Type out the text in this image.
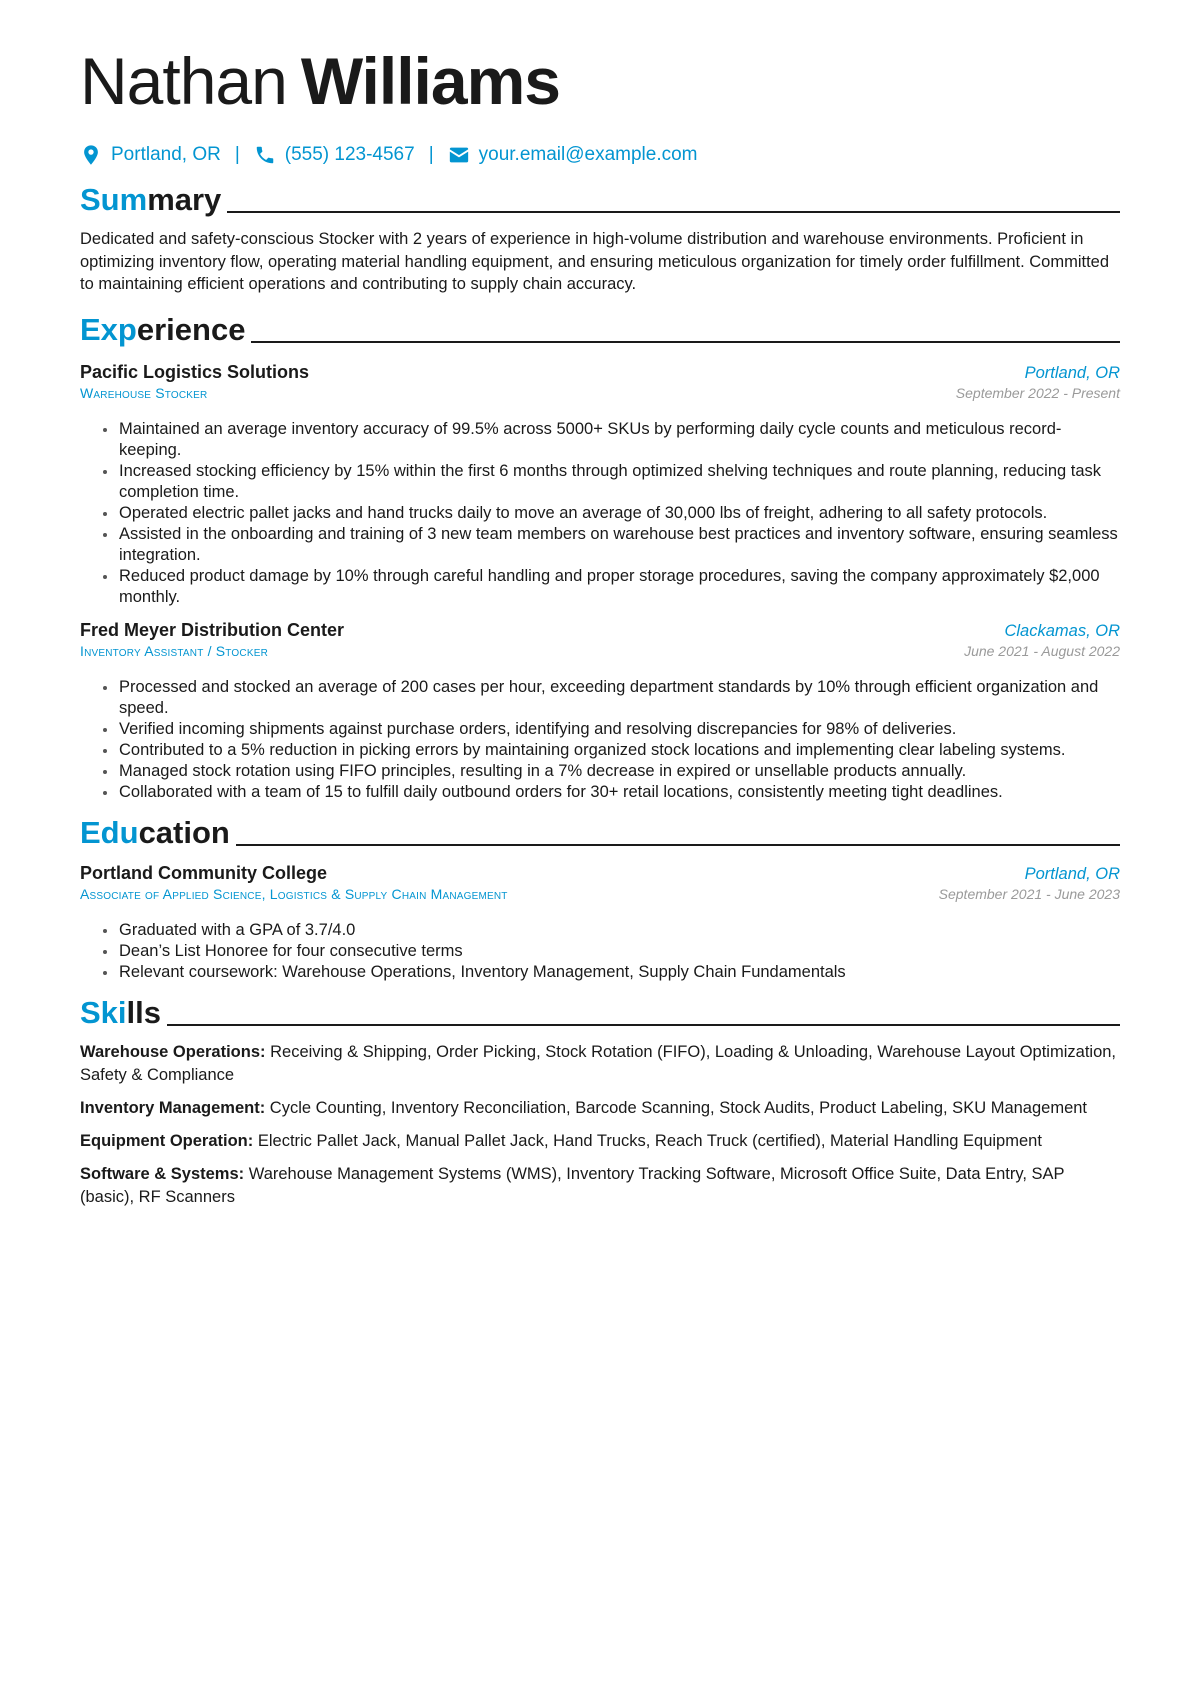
Nathan Williams
Portland, OR | (555) 123-4567 | your.email@example.com
Summary
Dedicated and safety-conscious Stocker with 2 years of experience in high-volume distribution and warehouse environments. Proficient in optimizing inventory flow, operating material handling equipment, and ensuring meticulous organization for timely order fulfillment. Committed to maintaining efficient operations and contributing to supply chain accuracy.
Experience
Pacific Logistics Solutions	Portland, OR
Warehouse Stocker	September 2022 - Present
• Maintained an average inventory accuracy of 99.5% across 5000+ SKUs by performing daily cycle counts and meticulous record-keeping.
• Increased stocking efficiency by 15% within the first 6 months through optimized shelving techniques and route planning, reducing task completion time.
• Operated electric pallet jacks and hand trucks daily to move an average of 30,000 lbs of freight, adhering to all safety protocols.
• Assisted in the onboarding and training of 3 new team members on warehouse best practices and inventory software, ensuring seamless integration.
• Reduced product damage by 10% through careful handling and proper storage procedures, saving the company approximately $2,000 monthly.
Fred Meyer Distribution Center	Clackamas, OR
Inventory Assistant / Stocker	June 2021 - August 2022
• Processed and stocked an average of 200 cases per hour, exceeding department standards by 10% through efficient organization and speed.
• Verified incoming shipments against purchase orders, identifying and resolving discrepancies for 98% of deliveries.
• Contributed to a 5% reduction in picking errors by maintaining organized stock locations and implementing clear labeling systems.
• Managed stock rotation using FIFO principles, resulting in a 7% decrease in expired or unsellable products annually.
• Collaborated with a team of 15 to fulfill daily outbound orders for 30+ retail locations, consistently meeting tight deadlines.
Education
Portland Community College	Portland, OR
Associate of Applied Science, Logistics & Supply Chain Management	September 2021 - June 2023
• Graduated with a GPA of 3.7/4.0
• Dean’s List Honoree for four consecutive terms
• Relevant coursework: Warehouse Operations, Inventory Management, Supply Chain Fundamentals
Skills
Warehouse Operations: Receiving & Shipping, Order Picking, Stock Rotation (FIFO), Loading & Unloading, Warehouse Layout Optimization, Safety & Compliance
Inventory Management: Cycle Counting, Inventory Reconciliation, Barcode Scanning, Stock Audits, Product Labeling, SKU Management
Equipment Operation: Electric Pallet Jack, Manual Pallet Jack, Hand Trucks, Reach Truck (certified), Material Handling Equipment
Software & Systems: Warehouse Management Systems (WMS), Inventory Tracking Software, Microsoft Office Suite, Data Entry, SAP (basic), RF Scanners
